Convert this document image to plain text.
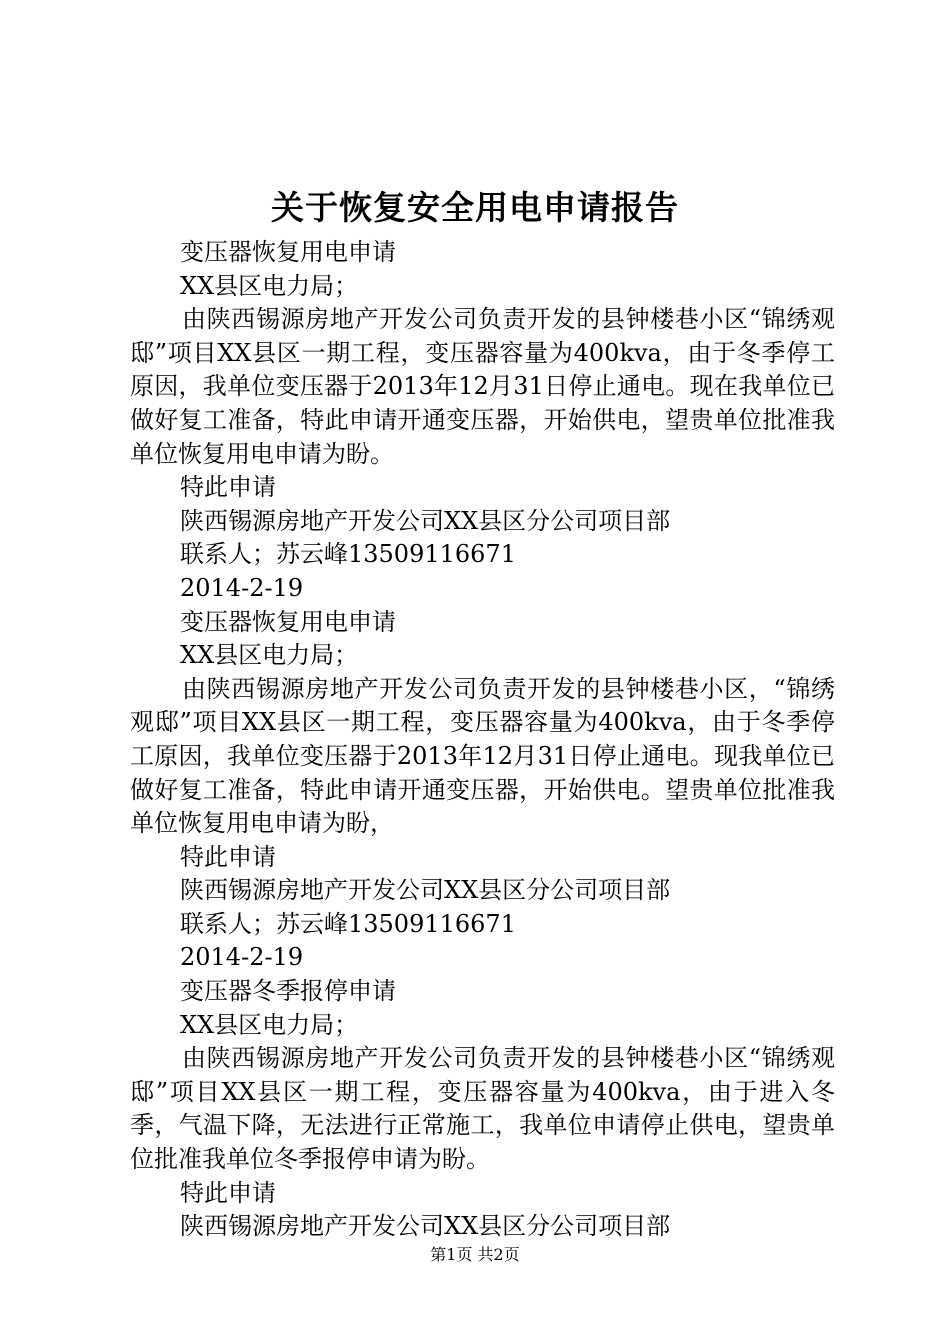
关于恢复安全用电申请报告
变压器恢复用电申请
XX县区电力局；
由陕西锡源房地产开发公司负责开发的县钟楼巷小区“锦绣观邸”项目XX县区一期工程，变压器容量为400kva，由于冬季停工原因，我单位变压器于2013年12月31日停止通电。现在我单位已做好复工准备，特此申请开通变压器，开始供电，望贵单位批准我单位恢复用电申请为盼。
特此申请
陕西锡源房地产开发公司XX县区分公司项目部
联系人；苏云峰13509116671
2014-2-19
变压器恢复用电申请
XX县区电力局；
由陕西锡源房地产开发公司负责开发的县钟楼巷小区，“锦绣观邸”项目XX县区一期工程，变压器容量为400kva，由于冬季停工原因，我单位变压器于2013年12月31日停止通电。现我单位已做好复工准备，特此申请开通变压器，开始供电。望贵单位批准我单位恢复用电申请为盼，
特此申请
陕西锡源房地产开发公司XX县区分公司项目部
联系人；苏云峰13509116671
2014-2-19
变压器冬季报停申请
XX县区电力局；
由陕西锡源房地产开发公司负责开发的县钟楼巷小区“锦绣观邸”项目XX县区一期工程，变压器容量为400kva，由于进入冬季，气温下降，无法进行正常施工，我单位申请停止供电，望贵单位批准我单位冬季报停申请为盼。
特此申请
陕西锡源房地产开发公司XX县区分公司项目部
第1页 共2页
